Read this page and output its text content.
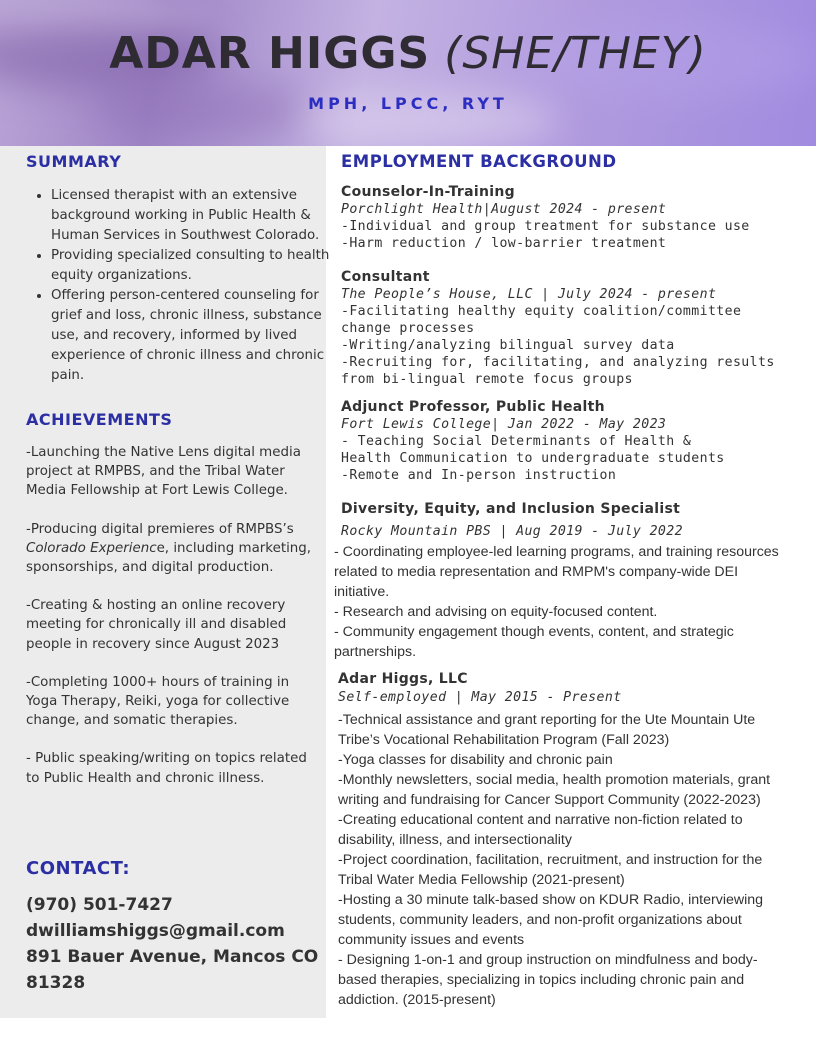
ADAR HIGGS (SHE/THEY)
MPH, LPCC, RYT
SUMMARY
• Licensed therapist with an extensive background working in Public Health & Human Services in Southwest Colorado.
• Providing specialized consulting to health equity organizations.
• Offering person-centered counseling for grief and loss, chronic illness, substance use, and recovery, informed by lived experience of chronic illness and chronic pain.
ACHIEVEMENTS

-Launching the Native Lens digital media project at RMPBS, and the Tribal Water Media Fellowship at Fort Lewis College.

-Producing digital premieres of RMPBS’s Colorado Experience, including marketing, sponsorships, and digital production.

-Creating & hosting an online recovery meeting for chronically ill and disabled people in recovery since August 2023

-Completing 1000+ hours of training in Yoga Therapy, Reiki, yoga for collective change, and somatic therapies.

- Public speaking/writing on topics related to Public Health and chronic illness.

CONTACT:
(970) 501-7427
dwilliamshiggs@gmail.com
891 Bauer Avenue, Mancos CO 81328
EMPLOYMENT BACKGROUND
Counselor-In-Training
Porchlight Health|August 2024 - present
-Individual and group treatment for substance use
-Harm reduction / low-barrier treatment
Consultant
The People’s House, LLC | July 2024 - present
-Facilitating healthy equity coalition/committee change processes
-Writing/analyzing bilingual survey data
-Recruiting for, facilitating, and analyzing results from bi-lingual remote focus groups
Adjunct Professor, Public Health
Fort Lewis College| Jan 2022 - May 2023
- Teaching Social Determinants of Health & Health Communication to undergraduate students
-Remote and In-person instruction
Diversity, Equity, and Inclusion Specialist
Rocky Mountain PBS | Aug 2019 - July 2022
- Coordinating employee-led learning programs, and training resources related to media representation and RMPM's company-wide DEI initiative.
- Research and advising on equity-focused content.
- Community engagement though events, content, and strategic partnerships.
Adar Higgs, LLC
Self-employed | May 2015 - Present
-Technical assistance and grant reporting for the Ute Mountain Ute Tribe’s Vocational Rehabilitation Program (Fall 2023)
-Yoga classes for disability and chronic pain
-Monthly newsletters, social media, health promotion materials, grant writing and fundraising for Cancer Support Community (2022-2023)
-Creating educational content and narrative non-fiction related to disability, illness, and intersectionality
-Project coordination, facilitation, recruitment, and instruction for the Tribal Water Media Fellowship (2021-present)
-Hosting a 30 minute talk-based show on KDUR Radio, interviewing students, community leaders, and non-profit organizations about community issues and events
- Designing 1-on-1 and group instruction on mindfulness and body-based therapies, specializing in topics including chronic pain and addiction. (2015-present)
